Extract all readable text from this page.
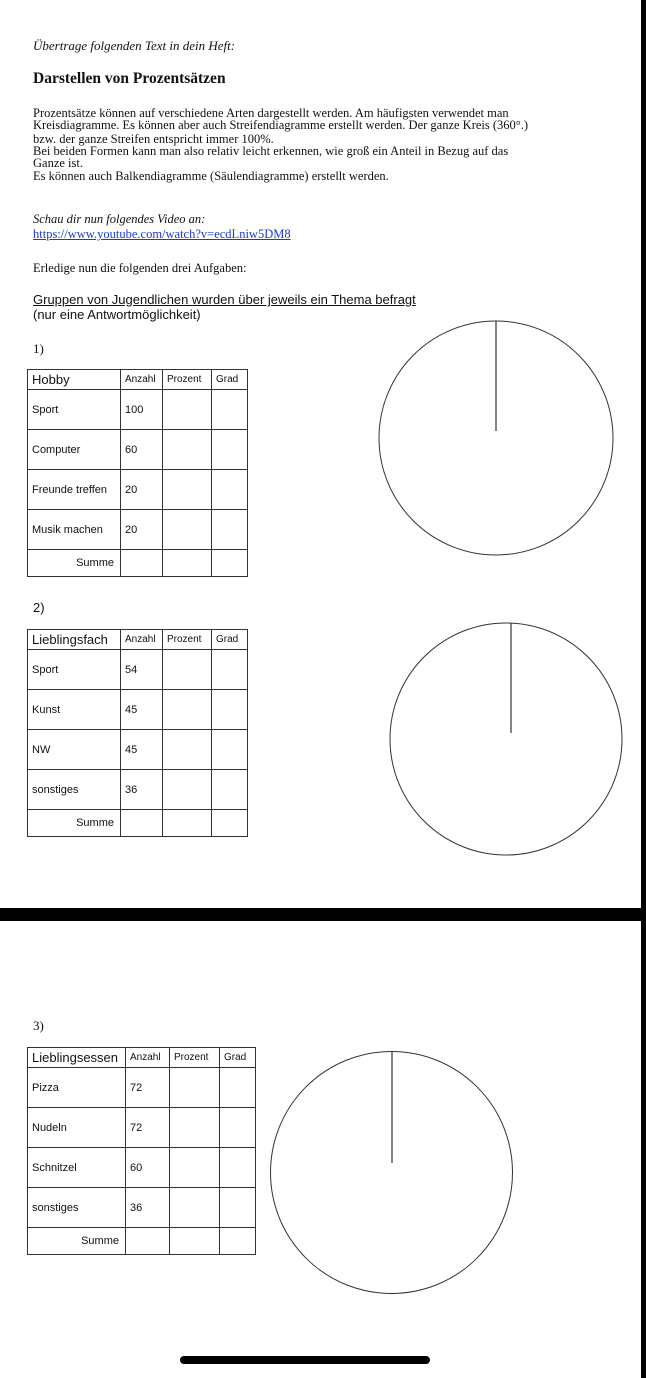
Übertrage folgenden Text in dein Heft:
Darstellen von Prozentsätzen
Prozentsätze können auf verschiedene Arten dargestellt werden. Am häufigsten verwendet man
Kreisdiagramme. Es können aber auch Streifendiagramme erstellt werden. Der ganze Kreis (360°.)
bzw. der ganze Streifen entspricht immer 100%.
Bei beiden Formen kann man also relativ leicht erkennen, wie groß ein Anteil in Bezug auf das
Ganze ist.
Es können auch Balkendiagramme (Säulendiagramme) erstellt werden.
Schau dir nun folgendes Video an:
https://www.youtube.com/watch?v=ecdLniw5DM8
Erledige nun die folgenden drei Aufgaben:
Gruppen von Jugendlichen wurden über jeweils ein Thema befragt
(nur eine Antwortmöglichkeit)
1)
Hobby	Anzahl	Prozent	Grad
Sport	100		
Computer	60		
Freunde treffen	20		
Musik machen	20		
Summe			
2)
Lieblingsfach	Anzahl	Prozent	Grad
Sport	54		
Kunst	45		
NW	45		
sonstiges	36		
Summe			
3)
Lieblingsessen	Anzahl	Prozent	Grad
Pizza	72		
Nudeln	72		
Schnitzel	60		
sonstiges	36		
Summe			
